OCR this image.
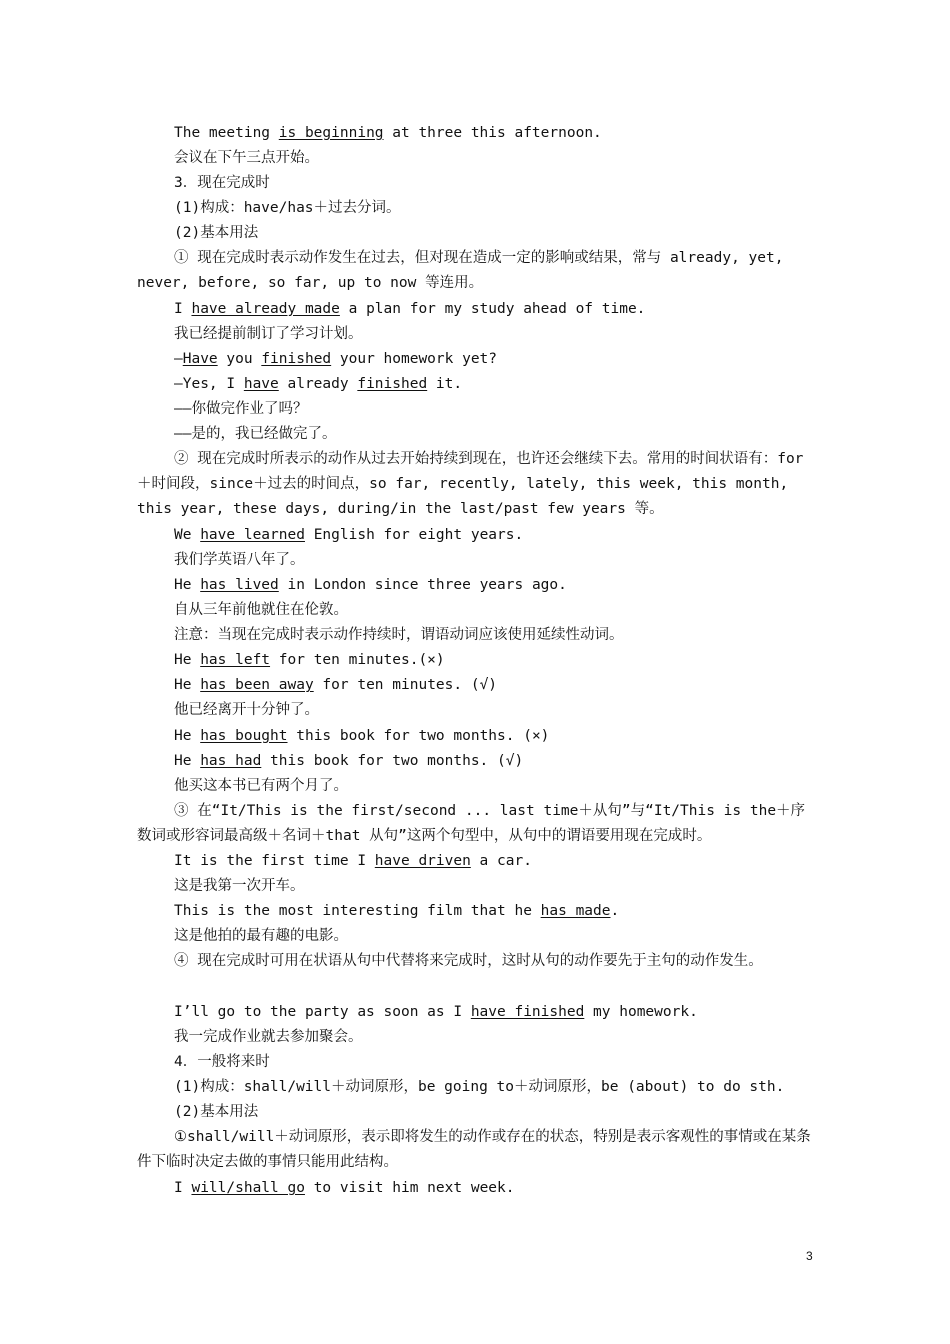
The meeting is beginning at three this afternoon.
会议在下午三点开始。
3．现在完成时
(1)构成：have/has＋过去分词。
(2)基本用法
① 现在完成时表示动作发生在过去，但对现在造成一定的影响或结果，常与 already, yet, never, before, so far, up to now 等连用。
I have already made a plan for my study ahead of time.
我已经提前制订了学习计划。
—Have you finished your homework yet?
—Yes, I have already finished it.
——你做完作业了吗？
——是的，我已经做完了。
② 现在完成时所表示的动作从过去开始持续到现在，也许还会继续下去。常用的时间状语有：for＋时间段，since＋过去的时间点，so far, recently, lately, this week, this month, this year, these days, during/in the last/past few years 等。
We have learned English for eight years.
我们学英语八年了。
He has lived in London since three years ago.
自从三年前他就住在伦敦。
注意：当现在完成时表示动作持续时，谓语动词应该使用延续性动词。
He has left for ten minutes.(×)
He has been away for ten minutes. (√)
他已经离开十分钟了。
He has bought this book for two months. (×)
He has had this book for two months. (√)
他买这本书已有两个月了。
③ 在“It/This is the first/second ... last time＋从句”与“It/This is the＋序数词或形容词最高级＋名词＋that 从句”这两个句型中，从句中的谓语要用现在完成时。
It is the first time I have driven a car.
这是我第一次开车。
This is the most interesting film that he has made.
这是他拍的最有趣的电影。
④ 现在完成时可用在状语从句中代替将来完成时，这时从句的动作要先于主句的动作发生。
I’ll go to the party as soon as I have finished my homework.
我一完成作业就去参加聚会。
4．一般将来时
(1)构成：shall/will＋动词原形，be going to＋动词原形，be (about) to do sth.
(2)基本用法
①shall/will＋动词原形，表示即将发生的动作或存在的状态，特别是表示客观性的事情或在某条件下临时决定去做的事情只能用此结构。
I will/shall go to visit him next week.
3
